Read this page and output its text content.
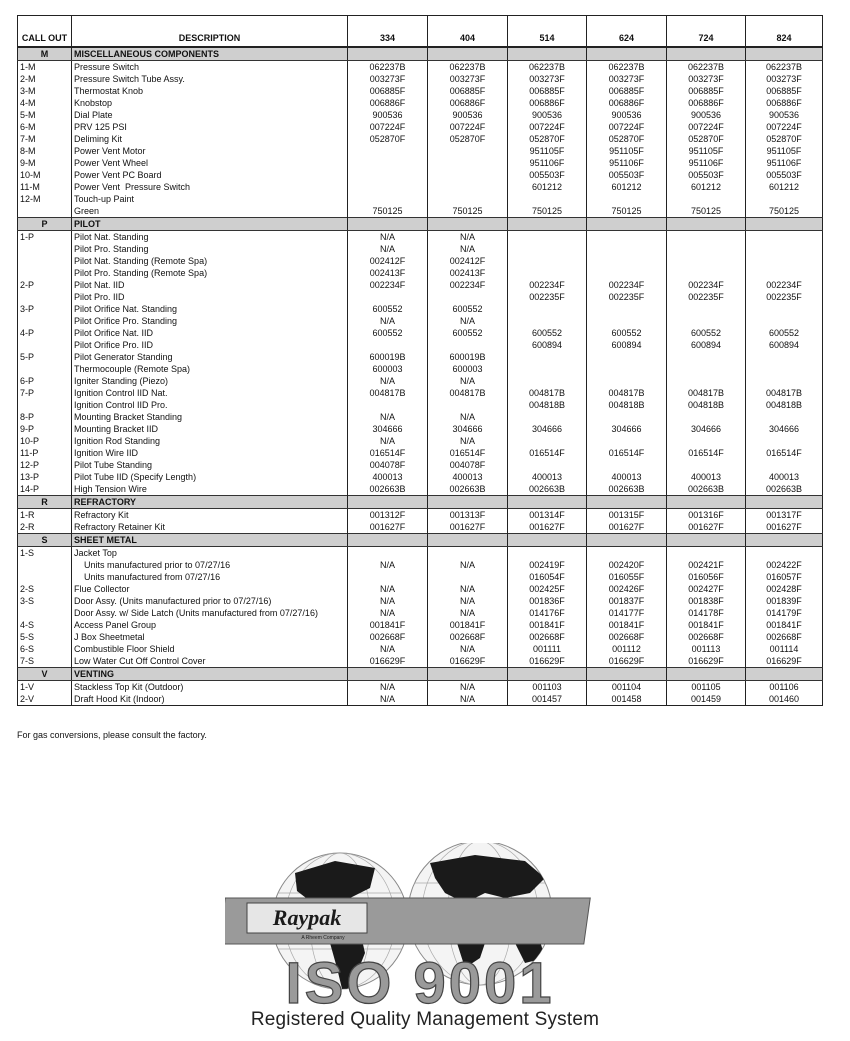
CALL OUT	DESCRIPTION	334	404	514	624	724	824
M	MISCELLANEOUS COMPONENTS						
1-M	Pressure Switch	062237B	062237B	062237B	062237B	062237B	062237B
2-M	Pressure Switch Tube Assy.	003273F	003273F	003273F	003273F	003273F	003273F
3-M	Thermostat Knob	006885F	006885F	006885F	006885F	006885F	006885F
4-M	Knobstop	006886F	006886F	006886F	006886F	006886F	006886F
5-M	Dial Plate	900536	900536	900536	900536	900536	900536
6-M	PRV 125 PSI	007224F	007224F	007224F	007224F	007224F	007224F
7-M	Deliming Kit	052870F	052870F	052870F	052870F	052870F	052870F
8-M	Power Vent Motor			951105F	951105F	951105F	951105F
9-M	Power Vent Wheel			951106F	951106F	951106F	951106F
10-M	Power Vent PC Board			005503F	005503F	005503F	005503F
11-M	Power Vent  Pressure Switch			601212	601212	601212	601212
12-M	Touch-up Paint						
	Green	750125	750125	750125	750125	750125	750125
P	PILOT						
1-P	Pilot Nat. Standing	N/A	N/A				
	Pilot Pro. Standing	N/A	N/A				
	Pilot Nat. Standing (Remote Spa)	002412F	002412F				
	Pilot Pro. Standing (Remote Spa)	002413F	002413F				
2-P	Pilot Nat. IID	002234F	002234F	002234F	002234F	002234F	002234F
	Pilot Pro. IID			002235F	002235F	002235F	002235F
3-P	Pilot Orifice Nat. Standing	600552	600552				
	Pilot Orifice Pro. Standing	N/A	N/A				
4-P	Pilot Orifice Nat. IID	600552	600552	600552	600552	600552	600552
	Pilot Orifice Pro. IID			600894	600894	600894	600894
5-P	Pilot Generator Standing	600019B	600019B				
	Thermocouple (Remote Spa)	600003	600003				
6-P	Igniter Standing (Piezo)	N/A	N/A				
7-P	Ignition Control IID Nat.	004817B	004817B	004817B	004817B	004817B	004817B
	Ignition Control IID Pro.			004818B	004818B	004818B	004818B
8-P	Mounting Bracket Standing	N/A	N/A				
9-P	Mounting Bracket IID	304666	304666	304666	304666	304666	304666
10-P	Ignition Rod Standing	N/A	N/A				
11-P	Ignition Wire IID	016514F	016514F	016514F	016514F	016514F	016514F
12-P	Pilot Tube Standing	004078F	004078F				
13-P	Pilot Tube IID (Specify Length)	400013	400013	400013	400013	400013	400013
14-P	High Tension Wire	002663B	002663B	002663B	002663B	002663B	002663B
R	REFRACTORY						
1-R	Refractory Kit	001312F	001313F	001314F	001315F	001316F	001317F
2-R	Refractory Retainer Kit	001627F	001627F	001627F	001627F	001627F	001627F
S	SHEET METAL						
1-S	Jacket Top						
	Units manufactured prior to 07/27/16	N/A	N/A	002419F	002420F	002421F	002422F
	Units manufactured from 07/27/16			016054F	016055F	016056F	016057F
2-S	Flue Collector	N/A	N/A	002425F	002426F	002427F	002428F
3-S	Door Assy. (Units manufactured prior to 07/27/16)	N/A	N/A	001836F	001837F	001838F	001839F
	Door Assy. w/ Side Latch (Units manufactured from 07/27/16)	N/A	N/A	014176F	014177F	014178F	014179F
4-S	Access Panel Group	001841F	001841F	001841F	001841F	001841F	001841F
5-S	J Box Sheetmetal	002668F	002668F	002668F	002668F	002668F	002668F
6-S	Combustible Floor Shield	N/A	N/A	001111	001112	001113	001114
7-S	Low Water Cut Off Control Cover	016629F	016629F	016629F	016629F	016629F	016629F
V	VENTING						
1-V	Stackless Top Kit (Outdoor)	N/A	N/A	001103	001104	001105	001106
2-V	Draft Hood Kit (Indoor)	N/A	N/A	001457	001458	001459	001460
For gas conversions, please consult the factory.
Raypak
A Rheem Company
ISO 9001
Registered Quality Management System
